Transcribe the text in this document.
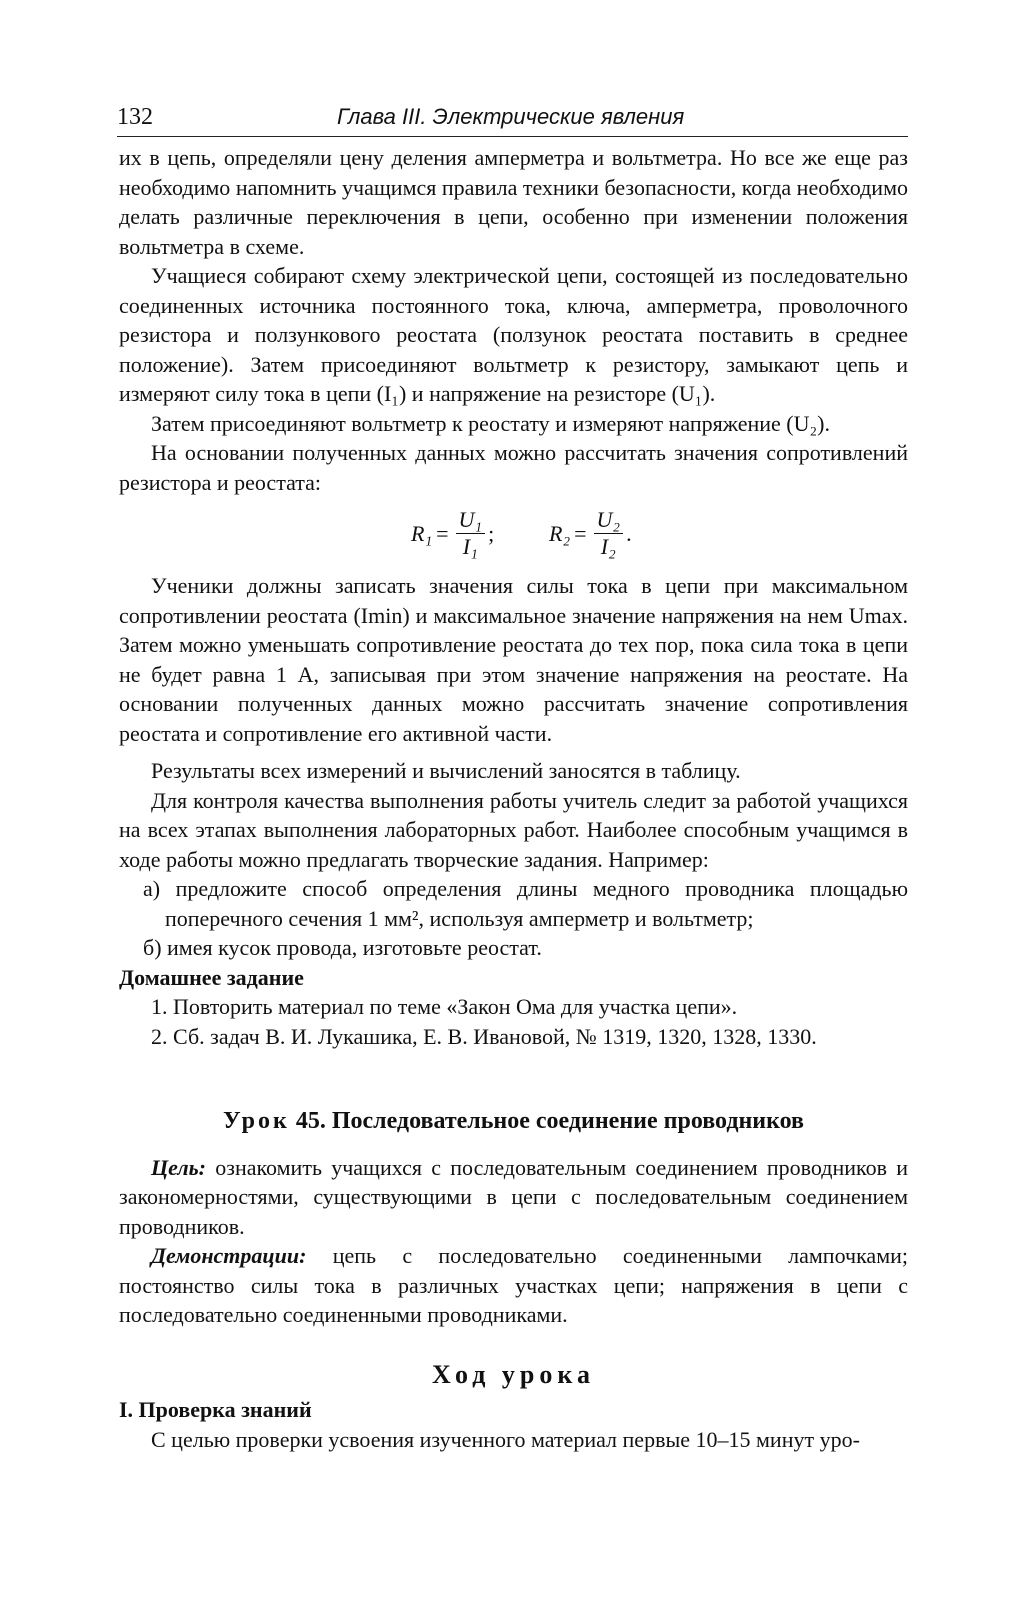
132	Глава III. Электрические явления

их в цепь, определяли цену деления амперметра и вольтметра. Но все же еще раз необходимо напомнить учащимся правила техники безопасности, когда необходимо делать различные переключения в цепи, особенно при изменении положения вольтметра в схеме.

Учащиеся собирают схему электрической цепи, состоящей из последовательно соединенных источника постоянного тока, ключа, амперметра, проволочного резистора и ползункового реостата (ползунок реостата поставить в среднее положение). Затем присоединяют вольтметр к резистору, замыкают цепь и измеряют силу тока в цепи (I₁) и напряжение на резисторе (U₁).

Затем присоединяют вольтметр к реостату и измеряют напряжение (U₂).

На основании полученных данных можно рассчитать значения сопротивлений резистора и реостата:

$R_1 = \frac{\text{U₁}}{\text{I₁}}$ ; $R_2 = \frac{\text{U₂}}{\text{I₂}}$ .

Ученики должны записать значения силы тока в цепи при максимальном сопротивлении реостата (Imin) и максимальное значение напряжения на нем Umax. Затем можно уменьшать сопротивление реостата до тех пор, пока сила тока в цепи не будет равна 1 А, записывая при этом значение напряжения на реостате. На основании полученных данных можно рассчитать значение сопротивления реостата и сопротивление его активной части.

Результаты всех измерений и вычислений заносятся в таблицу.

Для контроля качества выполнения работы учитель следит за работой учащихся на всех этапах выполнения лабораторных работ. Наиболее способным учащимся в ходе работы можно предлагать творческие задания. Например:

а) предложите способ определения длины медного проводника площадью поперечного сечения 1 мм², используя амперметр и вольтметр;

б) имея кусок провода, изготовьте реостат.

Домашнее задание

1. Повторить материал по теме «Закон Ома для участка цепи».

2. Сб. задач В. И. Лукашика, Е. В. Ивановой, № 1319, 1320, 1328, 1330.

Урок 45. Последовательное соединение проводников

Цель: ознакомить учащихся с последовательным соединением проводников и закономерностями, существующими в цепи с последовательным соединением проводников.

Демонстрации: цепь с последовательно соединенными лампочками; постоянство силы тока в различных участках цепи; напряжения в цепи с последовательно соединенными проводниками.

Ход урока

I. Проверка знаний

С целью проверки усвоения изученного материал первые 10–15 минут уро-
